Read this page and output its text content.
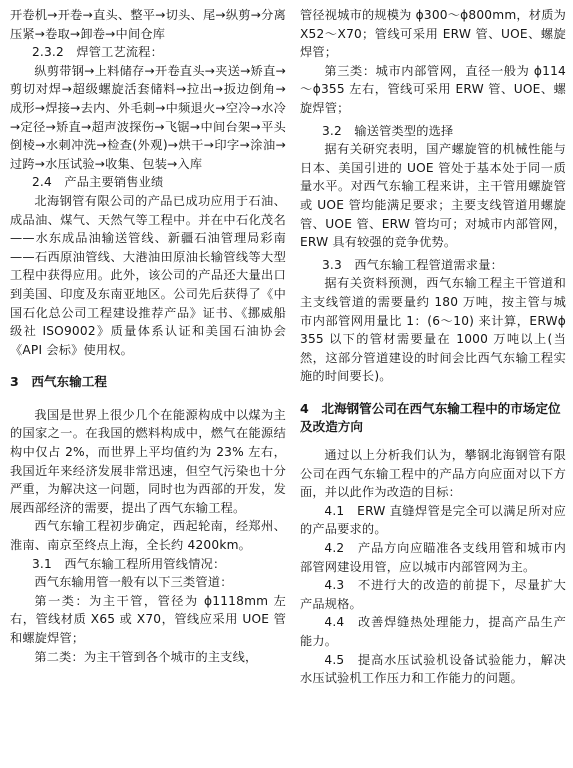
开卷机→开卷→直头、整平→切头、尾→纵剪→分离压紧→卷取→卸卷→中间仓库

2.3.2　焊管工艺流程：

纵剪带钢→上料储存→开卷直头→夹送→矫直→剪切对焊→超级螺旋活套储料→拉出→扳边倒角→成形→焊接→去内、外毛刺→中频退火→空冷→水冷→定径→矫直→超声波探伤→飞锯→中间台架→平头倒棱→水刺冲洗→检查(外观)→烘干→印字→涂油→过跨→水压试验→收集、包装→入库

2.4　产品主要销售业绩

北海钢管有限公司的产品已成功应用于石油、成品油、煤气、天然气等工程中。并在中石化茂名——水东成品油输送管线、新疆石油管理局彩南——石西原油管线、大港油田原油长输管线等大型工程中获得应用。此外，该公司的产品还大量出口到美国、印度及东南亚地区。公司先后获得了《中国石化总公司工程建设推荐产品》证书、《挪威船级社 ISO9002》质量体系认证和美国石油协会《API 会标》使用权。

3　西气东输工程

我国是世界上很少几个在能源构成中以煤为主的国家之一。在我国的燃料构成中，燃气在能源结构中仅占 2%，而世界上平均值约为 23% 左右，我国近年来经济发展非常迅速，但空气污染也十分严重，为解决这一问题，同时也为西部的开发，发展西部经济的需要，提出了西气东输工程。

西气东输工程初步确定，西起轮南，经郑州、淮南、南京至终点上海，全长约 4200km。

3.1　西气东输工程所用管线情况：

西气东输用管一般有以下三类管道：

第一类：为主干管，管径为 ϕ1118mm 左右，管线材质 X65 或 X70，管线应采用 UOE 管和螺旋焊管；

第二类：为主干管到各个城市的主支线，

管径视城市的规模为 ϕ300～ϕ800mm，材质为 X52～X70；管线可采用 ERW 管、UOE、螺旋焊管；

第三类：城市内部管网，直径一般为 ϕ114～ϕ355 左右，管线可采用 ERW 管、UOE、螺旋焊管；

3.2　输送管类型的选择

据有关研究表明，国产螺旋管的机械性能与日本、美国引进的 UOE 管处于基本处于同一质量水平。对西气东输工程来讲，主干管用螺旋管或 UOE 管均能满足要求；主要支线管道用螺旋管、UOE 管、ERW 管均可；对城市内部管网，ERW 具有较强的竞争优势。

3.3　西气东输工程管道需求量：

据有关资料预测，西气东输工程主干管道和主支线管道的需要量约 180 万吨，按主管与城市内部管网用量比 1：(6～10) 来计算，ERWϕ355 以下的管材需要量在 1000 万吨以上(当然，这部分管道建设的时间会比西气东输工程实施的时间要长)。

4　北海钢管公司在西气东输工程中的市场定位及改造方向

通过以上分析我们认为，攀钢北海钢管有限公司在西气东输工程中的产品方向应面对以下方面，并以此作为改造的目标：

4.1　ERW 直缝焊管是完全可以满足所对应的产品要求的。

4.2　产品方向应瞄准各支线用管和城市内部管网建设用管，应以城市内部管网为主。

4.3　不进行大的改造的前提下，尽量扩大产品规格。

4.4　改善焊缝热处理能力，提高产品生产能力。

4.5　提高水压试验机设备试验能力，解决水压试验机工作压力和工作能力的问题。
